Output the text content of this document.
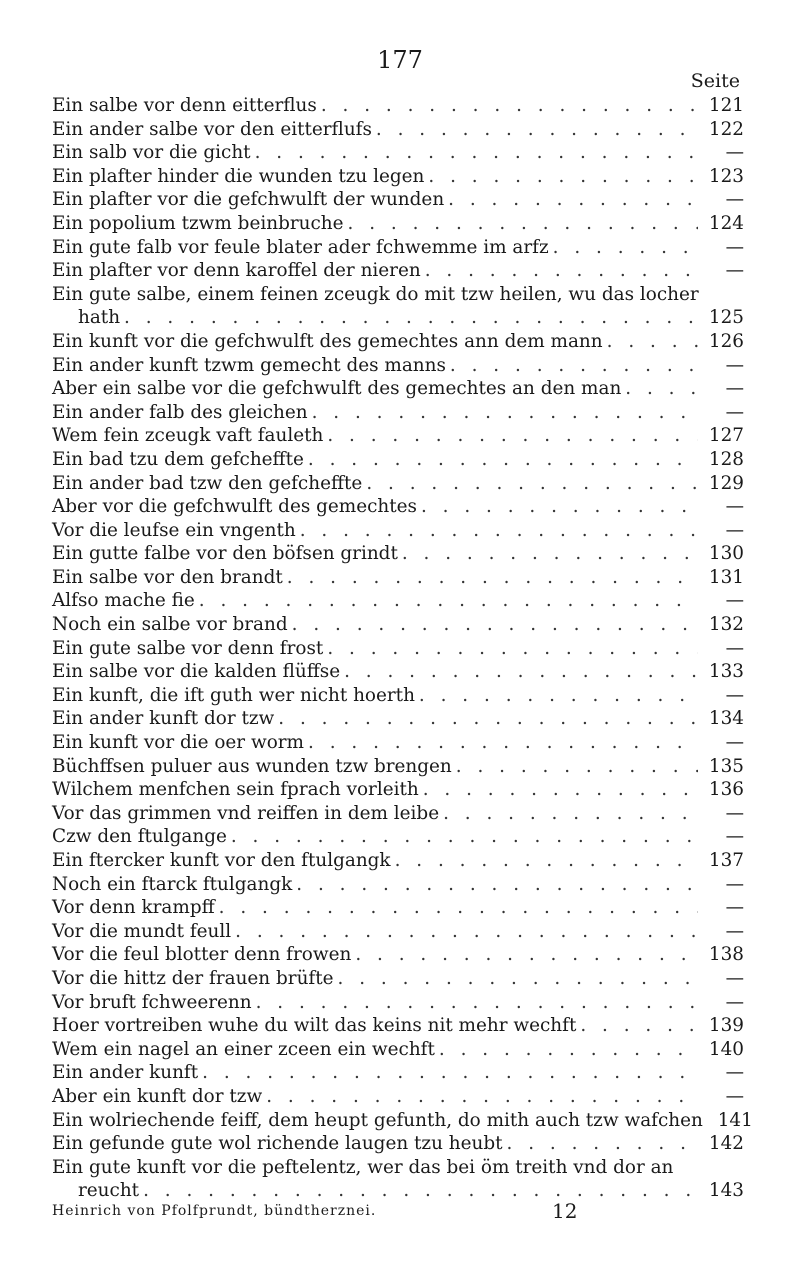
177
Seite
Ein salbe vor denn eitterflus . . .	121
Ein ander salbe vor den eitterflufs . . .	122
Ein salb vor die gicht . . .	—
Ein plafter hinder die wunden tzu legen . . .	123
Ein plafter vor die gefchwulft der wunden . . .	—
Ein popolium tzwm beinbruche . . .	124
Ein gute falb vor feule blater ader fchwemme im arfz . . .	—
Ein plafter vor denn karoffel der nieren . . .	—
Ein gute salbe, einem feinen zceugk do mit tzw heilen, wu das locher
hath . . .	125
Ein kunft vor die gefchwulft des gemechtes ann dem mann . . .	126
Ein ander kunft tzwm gemecht des manns . . .	—
Aber ein salbe vor die gefchwulft des gemechtes an den man . . .	—
Ein ander falb des gleichen . . .	—
Wem fein zceugk vaft fauleth . . .	127
Ein bad tzu dem gefcheffte . . .	128
Ein ander bad tzw den gefcheffte . . .	129
Aber vor die gefchwulft des gemechtes . . .	—
Vor die leufse ein vngenth . . .	—
Ein gutte falbe vor den böfsen grindt . . .	130
Ein salbe vor den brandt . . .	131
Alfso mache fie . . .	—
Noch ein salbe vor brand . . .	132
Ein gute salbe vor denn frost . . .	—
Ein salbe vor die kalden flüffse . . .	133
Ein kunft, die ift guth wer nicht hoerth . . .	—
Ein ander kunft dor tzw . . .	134
Ein kunft vor die oer worm . . .	—
Büchffsen puluer aus wunden tzw brengen . . .	135
Wilchem menfchen sein fprach vorleith . . .	136
Vor das grimmen vnd reiffen in dem leibe . . .	—
Czw den ftulgange . . .	—
Ein ftercker kunft vor den ftulgangk . . .	137
Noch ein ftarck ftulgangk . . .	—
Vor denn krampff . . .	—
Vor die mundt feull . . .	—
Vor die feul blotter denn frowen . . .	138
Vor die hittz der frauen brüfte . . .	—
Vor bruft fchweerenn . . .	—
Hoer vortreiben wuhe du wilt das keins nit mehr wechft . . .	139
Wem ein nagel an einer zceen ein wechft . . .	140
Ein ander kunft . . .	—
Aber ein kunft dor tzw . . .	—
Ein wolriechende feiff, dem heupt gefunth, do mith auch tzw wafchen 141
Ein gefunde gute wol richende laugen tzu heubt . . .	142
Ein gute kunft vor die peftelentz, wer das bei öm treith vnd dor an
reucht . . .	143
Heinrich von Pfolfprundt, bündtherznei.	12
